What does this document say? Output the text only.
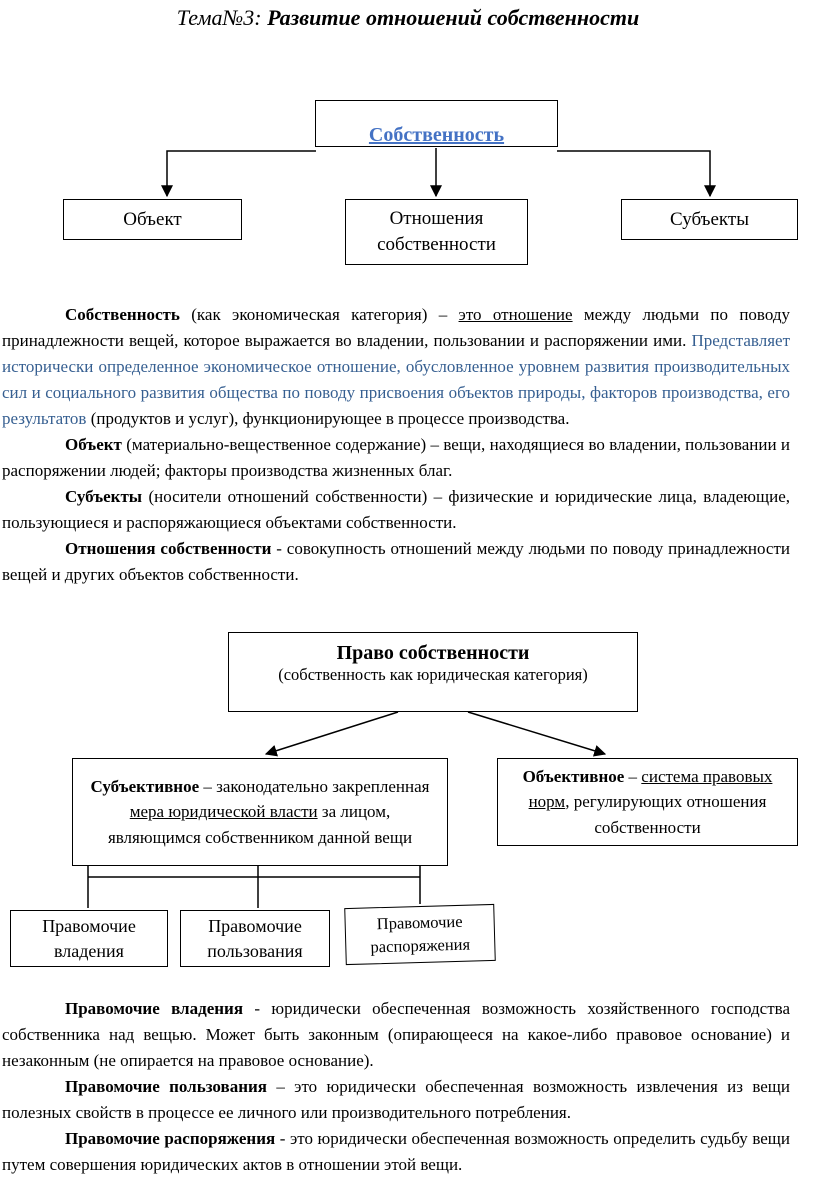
Тема№3: Развитие отношений собственности
Собственность
Объект	Отношения собственности
Субъекты
Собственность (как экономическая категория) – это отношение между людьми по поводу принадлежности вещей, которое выражается во владении, пользовании и распоряжении ими. Представляет исторически определенное экономическое отношение, обусловленное уровнем развития производительных сил и социального развития общества по поводу присвоения объектов природы, факторов производства, его результатов (продуктов и услуг), функционирующее в процессе производства.
Объект (материально-вещественное содержание) – вещи, находящиеся во владении, пользовании и распоряжении людей; факторы производства жизненных благ.
Субъекты (носители отношений собственности) – физические и юридические лица, владеющие, пользующиеся и распоряжающиеся объектами собственности.
Отношения собственности - совокупность отношений между людьми по поводу принадлежности вещей и других объектов собственности.
Право собственности
(собственность как юридическая категория)
Субъективное – законодательно закрепленная мера юридической власти за лицом, являющимся собственником данной вещи
Объективное – система правовых норм, регулирующих отношения собственности
Правомочие владения
Правомочие пользования
Правомочие распоряжения
Правомочие владения - юридически обеспеченная возможность хозяйственного господства собственника над вещью. Может быть законным (опирающееся на какое-либо правовое основание) и незаконным (не опирается на правовое основание).
Правомочие пользования – это юридически обеспеченная возможность извлечения из вещи полезных свойств в процессе ее личного или производительного потребления.
Правомочие распоряжения - это юридически обеспеченная возможность определить судьбу вещи путем совершения юридических актов в отношении этой вещи.
